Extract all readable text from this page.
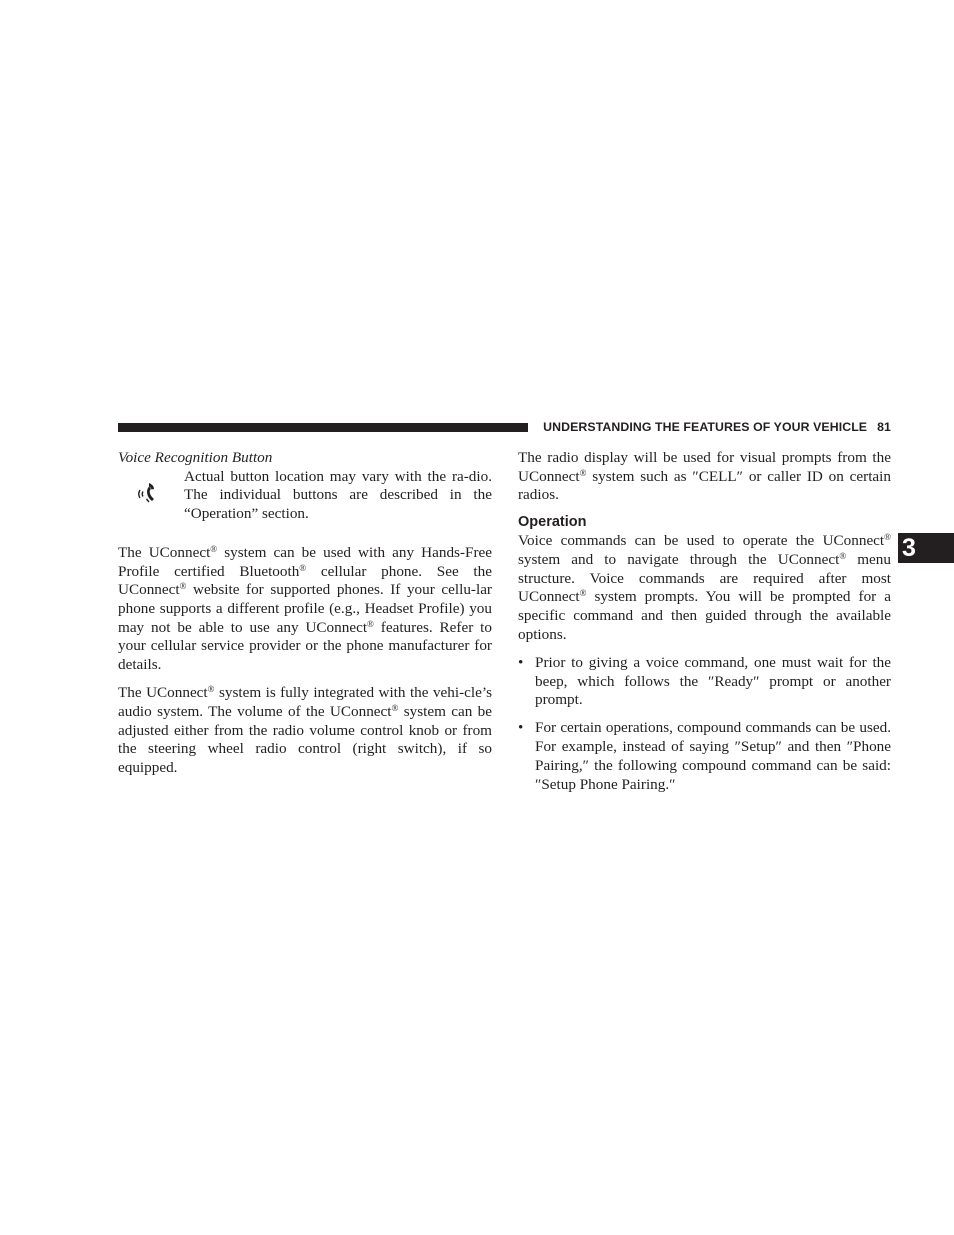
UNDERSTANDING THE FEATURES OF YOUR VEHICLE 81
3

Voice Recognition Button

Actual button location may vary with the ra-dio. The individual buttons are described in the “Operation” section.

The UConnect® system can be used with any Hands-Free Profile certified Bluetooth® cellular phone. See the UConnect® website for supported phones. If your cellu-lar phone supports a different profile (e.g., Headset Profile) you may not be able to use any UConnect® features. Refer to your cellular service provider or the phone manufacturer for details.

The UConnect® system is fully integrated with the vehi-cle’s audio system. The volume of the UConnect® system can be adjusted either from the radio volume control knob or from the steering wheel radio control (right switch), if so equipped.

The radio display will be used for visual prompts from the UConnect® system such as ″CELL″ or caller ID on certain radios.

Operation

Voice commands can be used to operate the UConnect® system and to navigate through the UConnect® menu structure. Voice commands are required after most UConnect® system prompts. You will be prompted for a specific command and then guided through the available options.

• Prior to giving a voice command, one must wait for the beep, which follows the ″Ready″ prompt or another prompt.
• For certain operations, compound commands can be used. For example, instead of saying ″Setup″ and then ″Phone Pairing,″ the following compound command can be said: ″Setup Phone Pairing.″
